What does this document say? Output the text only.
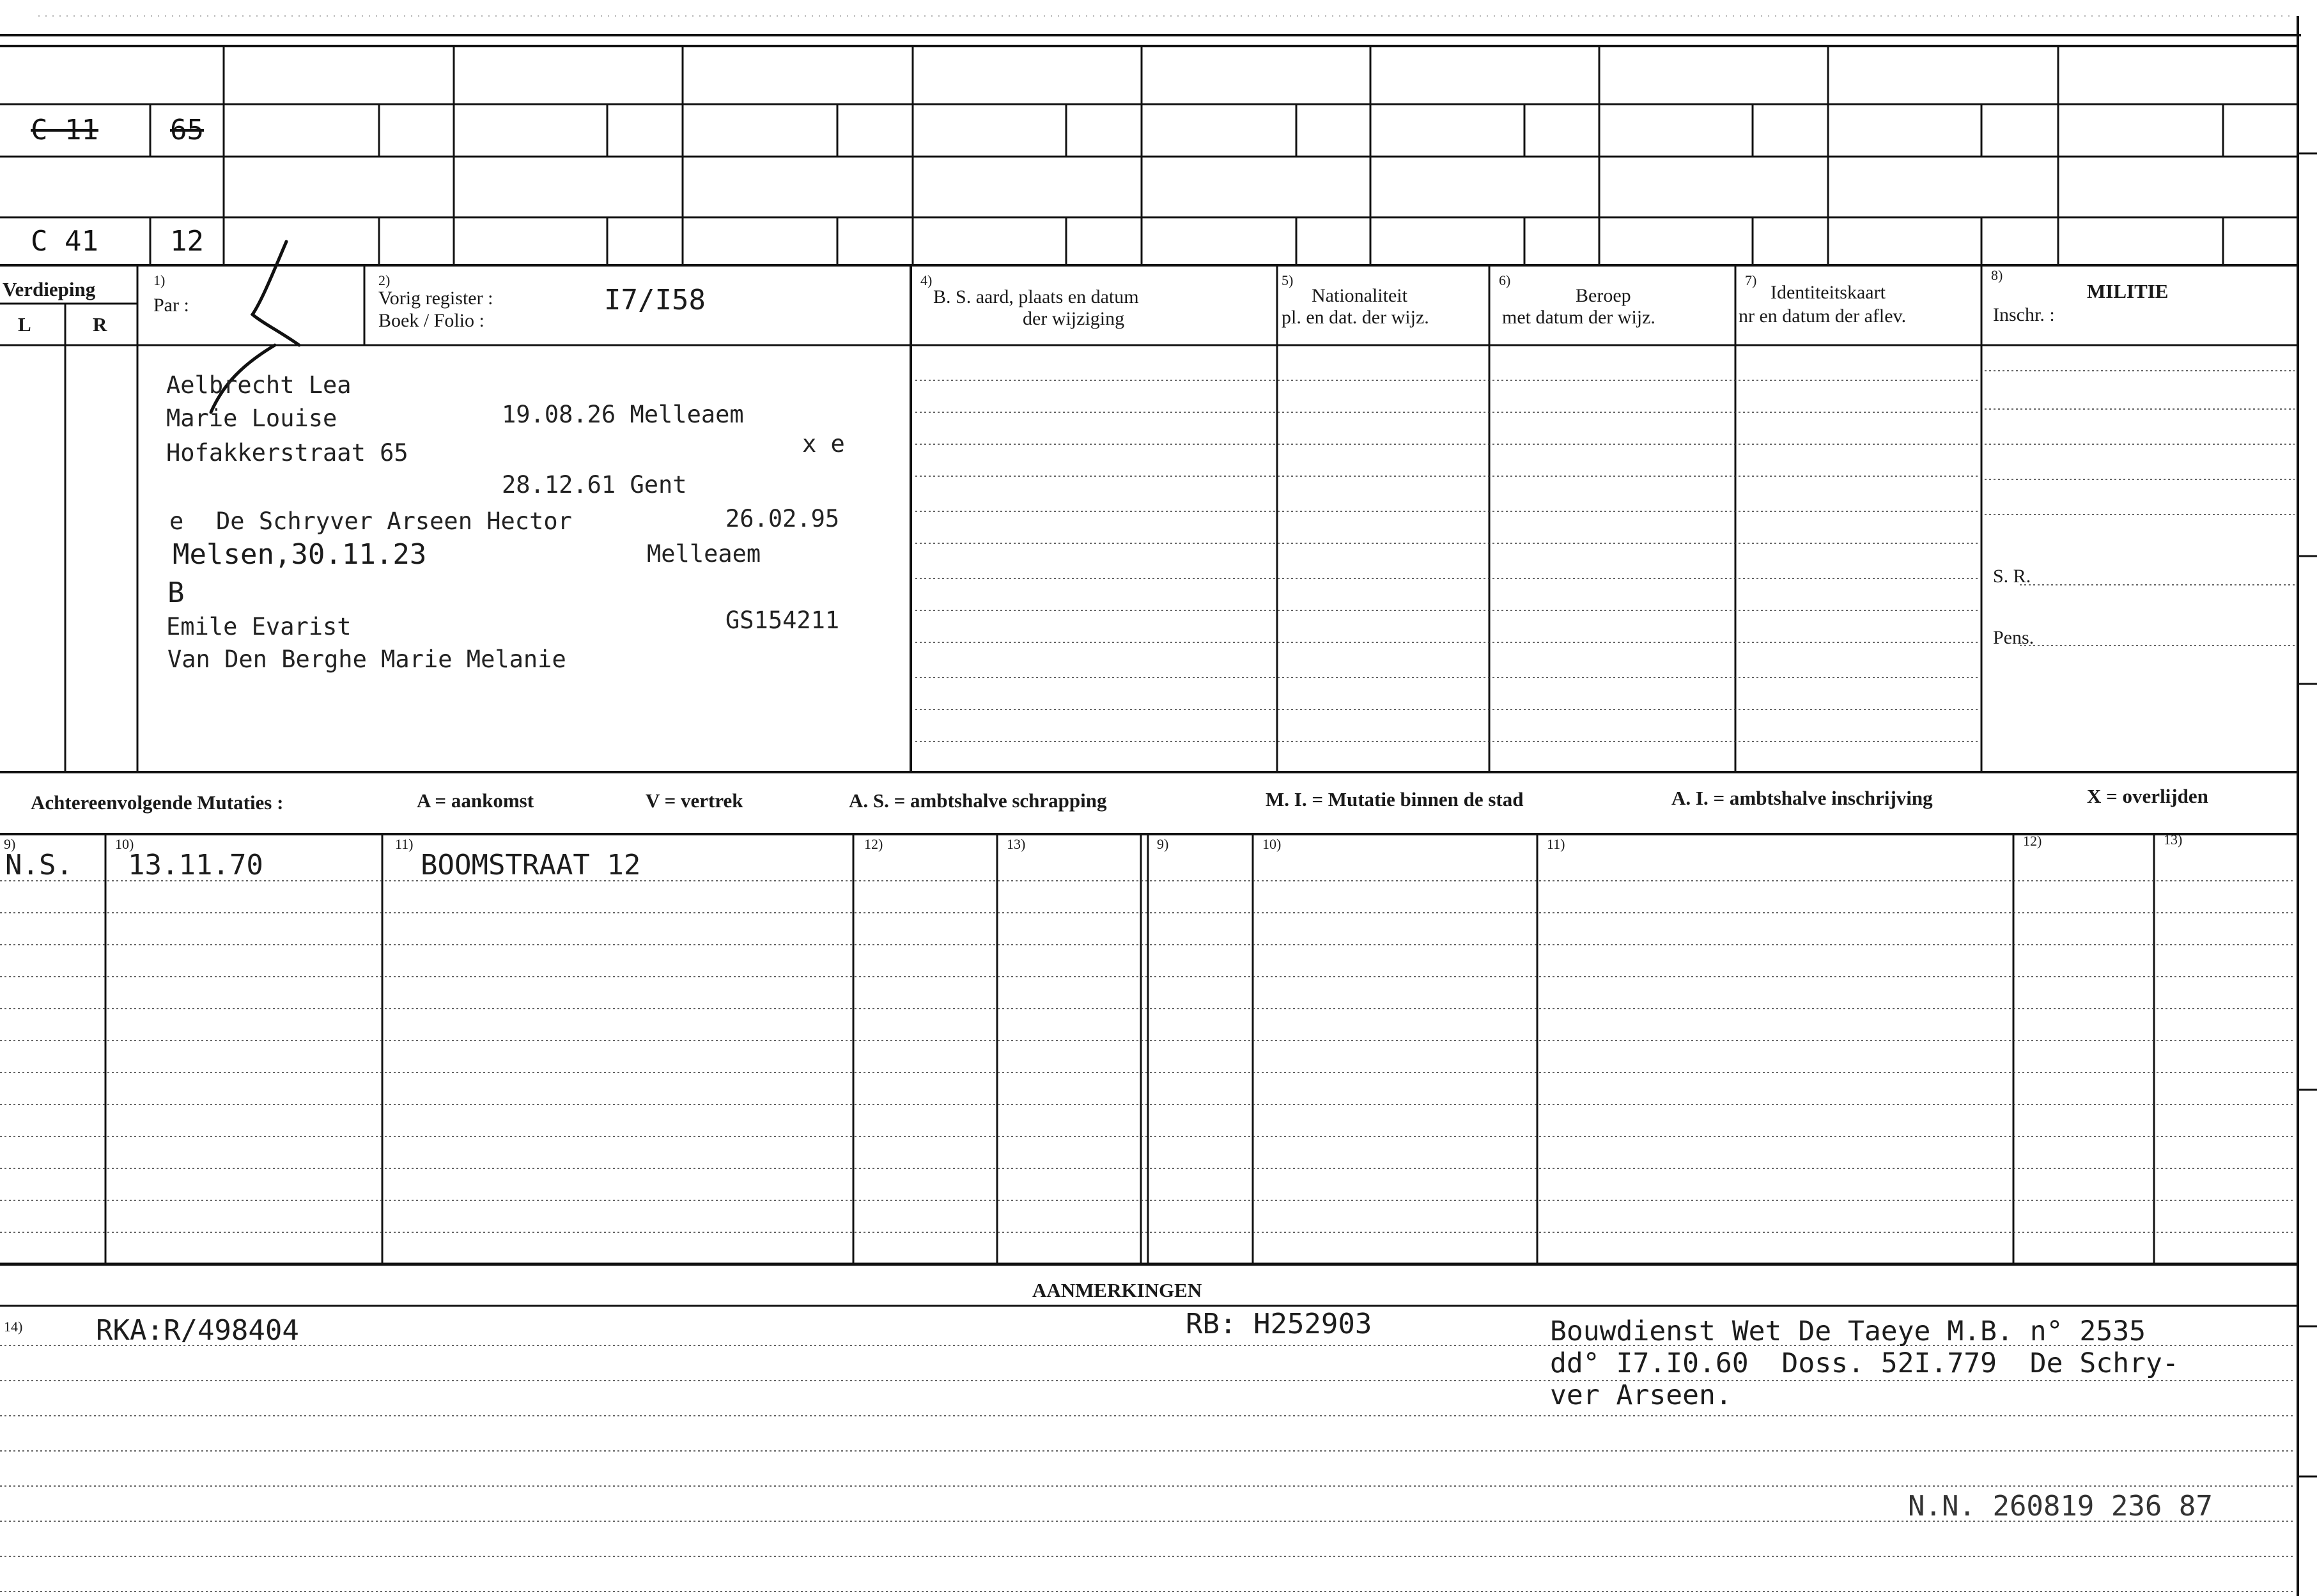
C 11	65
C 41	12
Verdieping
L	R
1)
Par :
2)
Vorig register :
Boek / Folio :
I7/I58
4)
B. S. aard, plaats en datum
der wijziging
5)
Nationaliteit
pl. en dat. der wijz.
6)
Beroep
met datum der wijz.
7)
Identiteitskaart
nr en datum der aflev.
8)
MILITIE
Inschr. :
S. R.
Pens.
Aelbrecht Lea
Marie Louise	19.08.26 Melleaem
Hofakkerstraat 65	x e
28.12.61 Gent
e De Schryver Arseen Hector	26.02.95
Melsen,30.11.23	Melleaem
B
Emile Evarist	GS154211
Van Den Berghe Marie Melanie
Achtereenvolgende Mutaties :	A = aankomst	V = vertrek	A. S. = ambtshalve schrapping	M. I. = Mutatie binnen de stad	A. I. = ambtshalve inschrijving	X = overlijden
9)	10)	11)	12)	13)	9)	10)	11)	12)	13)
N.S. 13.11.70	BOOMSTRAAT 12
AANMERKINGEN
14)	RKA:R/498404	RB: H252903	Bouwdienst Wet De Taeye M.B. n° 2535
dd° I7.I0.60  Doss. 52I.779  De Schry-
ver Arseen.
N.N. 260819 236 87
